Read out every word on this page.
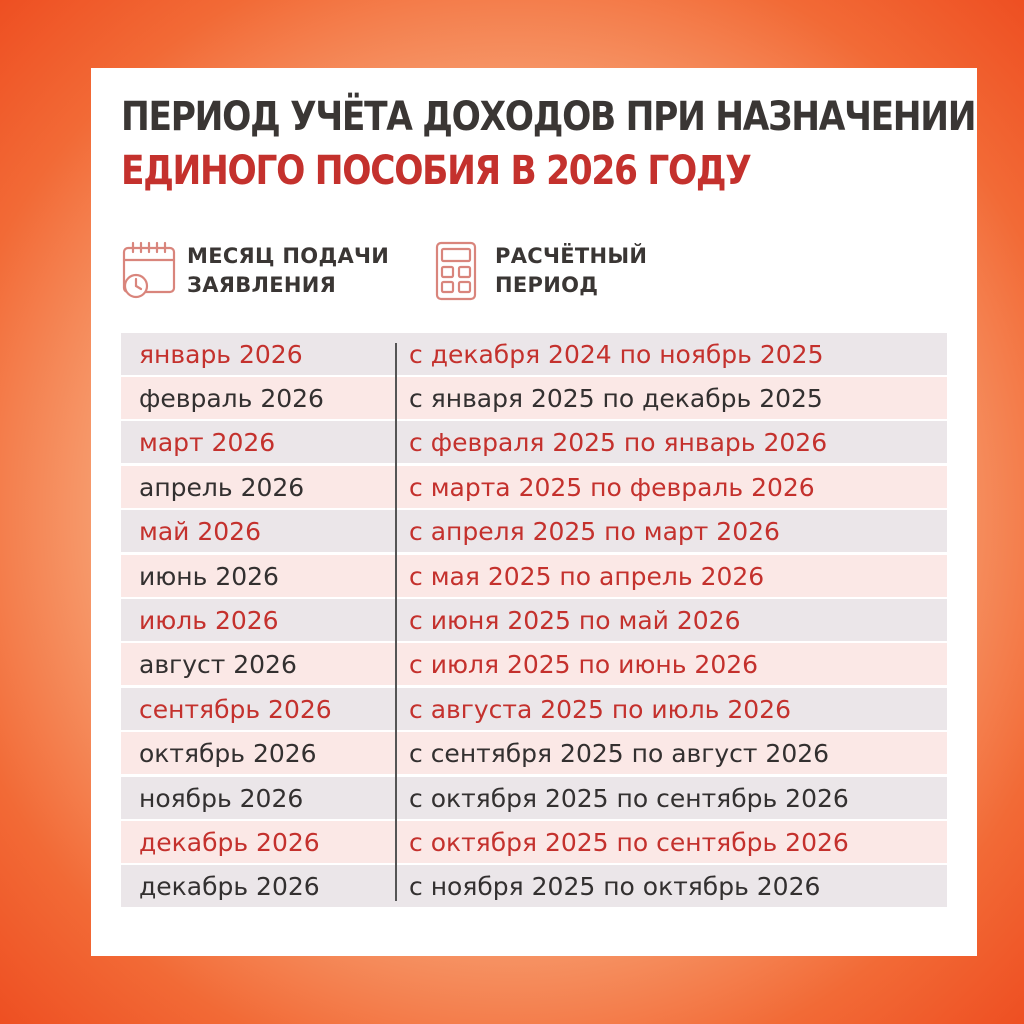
ПЕРИОД УЧЁТА ДОХОДОВ ПРИ НАЗНАЧЕНИИ
ЕДИНОГО ПОСОБИЯ В 2026 ГОДУ
МЕСЯЦ ПОДАЧИ
ЗАЯВЛЕНИЯ
РАСЧЁТНЫЙ
ПЕРИОД
январь 2026	с декабря 2024 по ноябрь 2025
февраль 2026	с января 2025 по декабрь 2025
март 2026	с февраля 2025 по январь 2026
апрель 2026	с марта 2025 по февраль 2026
май 2026	с апреля 2025 по март 2026
июнь 2026	с мая 2025 по апрель 2026
июль 2026	с июня 2025 по май 2026
август 2026	с июля 2025 по июнь 2026
сентябрь 2026	с августа 2025 по июль 2026
октябрь 2026	с сентября 2025 по август 2026
ноябрь 2026	с октября 2025 по сентябрь 2026
декабрь 2026	с октября 2025 по сентябрь 2026
декабрь 2026	с ноября 2025 по октябрь 2026
